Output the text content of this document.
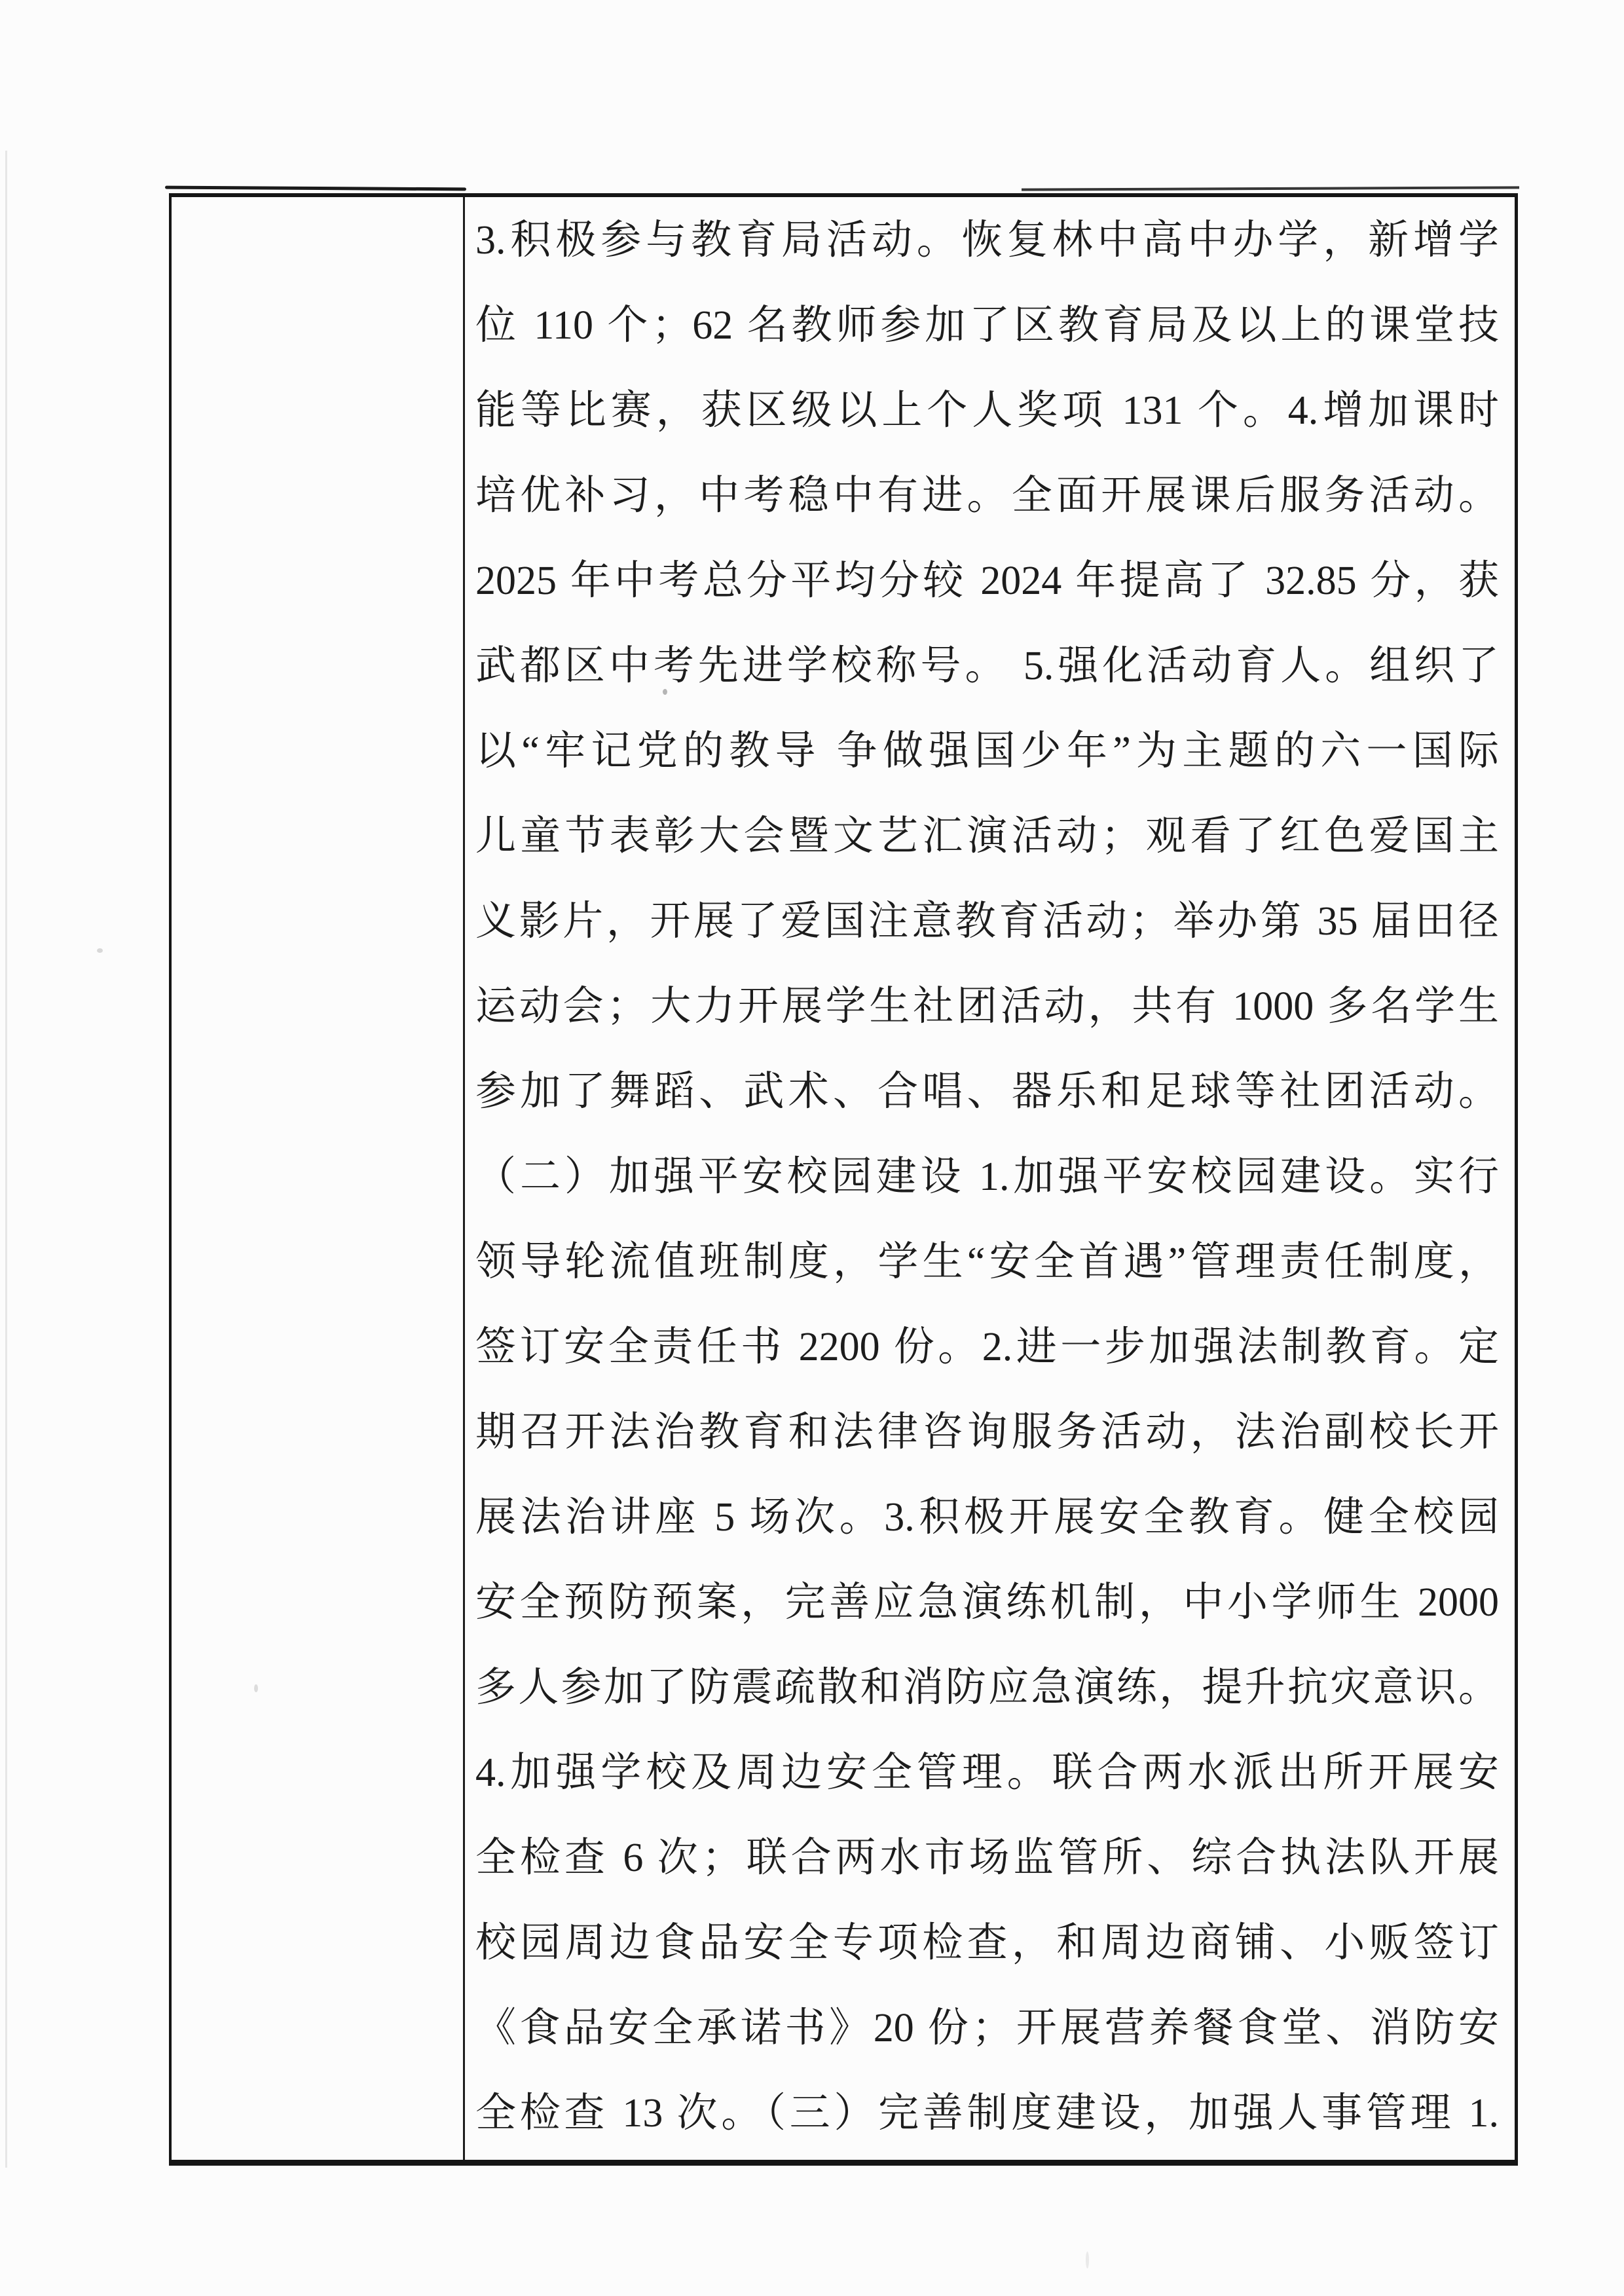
3.积极参与教育局活动。恢复林中高中办学，新增学
位 110 个；62 名教师参加了区教育局及以上的课堂技
能等比赛，获区级以上个人奖项 131 个。4.增加课时
培优补习，中考稳中有进。全面开展课后服务活动。
2025 年中考总分平均分较 2024 年提高了 32.85 分，获
武都区中考先进学校称号。 5.强化活动育人。组织了
以“牢记党的教导 争做强国少年”为主题的六一国际
儿童节表彰大会暨文艺汇演活动；观看了红色爱国主
义影片，开展了爱国注意教育活动；举办第 35 届田径
运动会；大力开展学生社团活动，共有 1000 多名学生
参加了舞蹈、武术、合唱、器乐和足球等社团活动。
（二）加强平安校园建设 1.加强平安校园建设。实行
领导轮流值班制度，学生“安全首遇”管理责任制度，
签订安全责任书 2200 份。2.进一步加强法制教育。定
期召开法治教育和法律咨询服务活动，法治副校长开
展法治讲座 5 场次。3.积极开展安全教育。健全校园
安全预防预案，完善应急演练机制，中小学师生 2000
多人参加了防震疏散和消防应急演练，提升抗灾意识。
4.加强学校及周边安全管理。联合两水派出所开展安
全检查 6 次；联合两水市场监管所、综合执法队开展
校园周边食品安全专项检查，和周边商铺、小贩签订
《食品安全承诺书》20 份；开展营养餐食堂、消防安
全检查 13 次。（三）完善制度建设，加强人事管理 1.
